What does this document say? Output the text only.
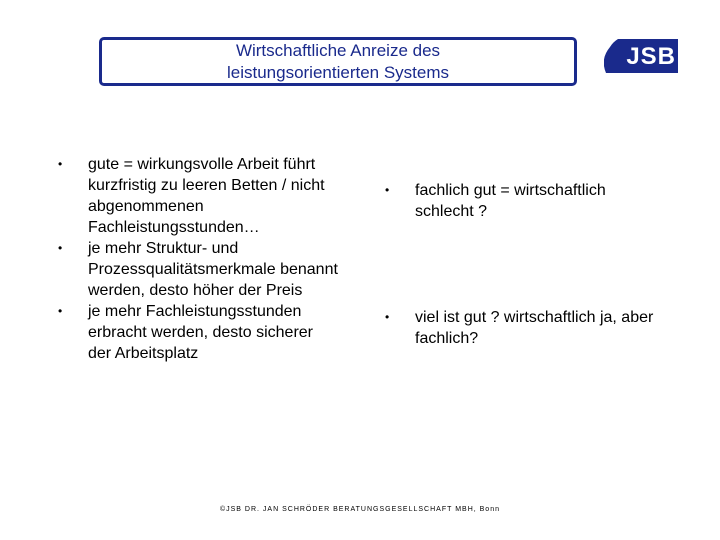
Wirtschaftliche Anreize des
leistungsorientierten Systems
JSB
•	gute = wirkungsvolle Arbeit führt kurzfristig zu leeren Betten / nicht abgenommenen Fachleistungsstunden…
•	je mehr Struktur- und Prozessqualitätsmerkmale benannt werden, desto höher der Preis
•	je mehr Fachleistungsstunden erbracht werden, desto sicherer der Arbeitsplatz
•	fachlich gut = wirtschaftlich schlecht ?
•	viel ist gut ? wirtschaftlich ja, aber fachlich?
©JSB DR. JAN SCHRÖDER BERATUNGSGESELLSCHAFT MBH, Bonn
